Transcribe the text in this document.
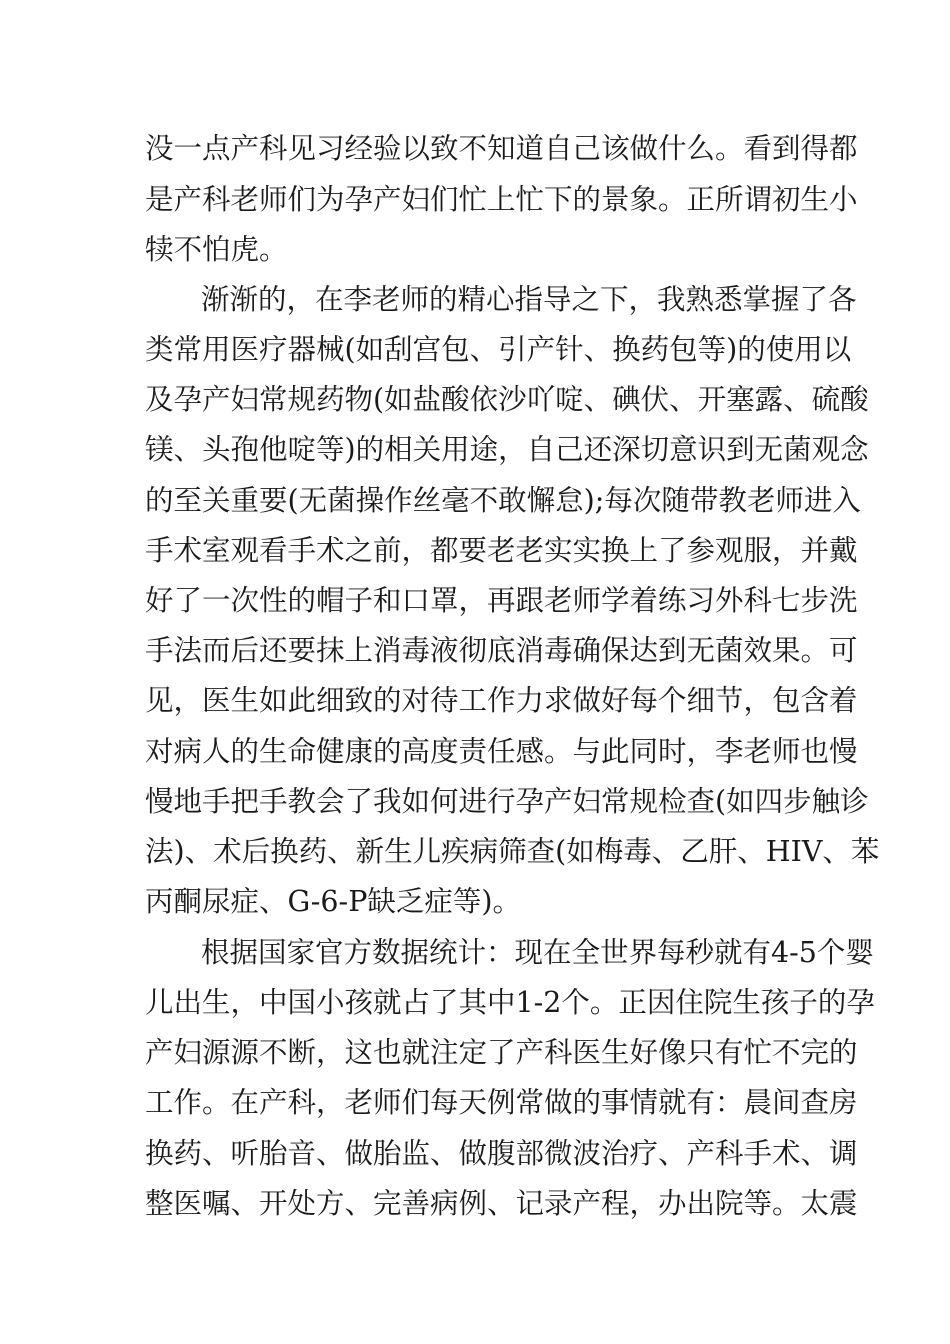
没一点产科见习经验以致不知道自己该做什么。看到得都
是产科老师们为孕产妇们忙上忙下的景象。正所谓初生小
犊不怕虎。
渐渐的，在李老师的精心指导之下，我熟悉掌握了各
类常用医疗器械(如刮宫包、引产针、换药包等)的使用以
及孕产妇常规药物(如盐酸依沙吖啶、碘伏、开塞露、硫酸
镁、头孢他啶等)的相关用途，自己还深切意识到无菌观念
的至关重要(无菌操作丝毫不敢懈怠);每次随带教老师进入
手术室观看手术之前，都要老老实实换上了参观服，并戴
好了一次性的帽子和口罩，再跟老师学着练习外科七步洗
手法而后还要抹上消毒液彻底消毒确保达到无菌效果。可
见，医生如此细致的对待工作力求做好每个细节，包含着
对病人的生命健康的高度责任感。与此同时，李老师也慢
慢地手把手教会了我如何进行孕产妇常规检查(如四步触诊
法)、术后换药、新生儿疾病筛查(如梅毒、乙肝、HIV、苯
丙酮尿症、G-6-P缺乏症等)。
根据国家官方数据统计：现在全世界每秒就有4-5个婴
儿出生，中国小孩就占了其中1-2个。正因住院生孩子的孕
产妇源源不断，这也就注定了产科医生好像只有忙不完的
工作。在产科，老师们每天例常做的事情就有：晨间查房
换药、听胎音、做胎监、做腹部微波治疗、产科手术、调
整医嘱、开处方、完善病例、记录产程，办出院等。太震
